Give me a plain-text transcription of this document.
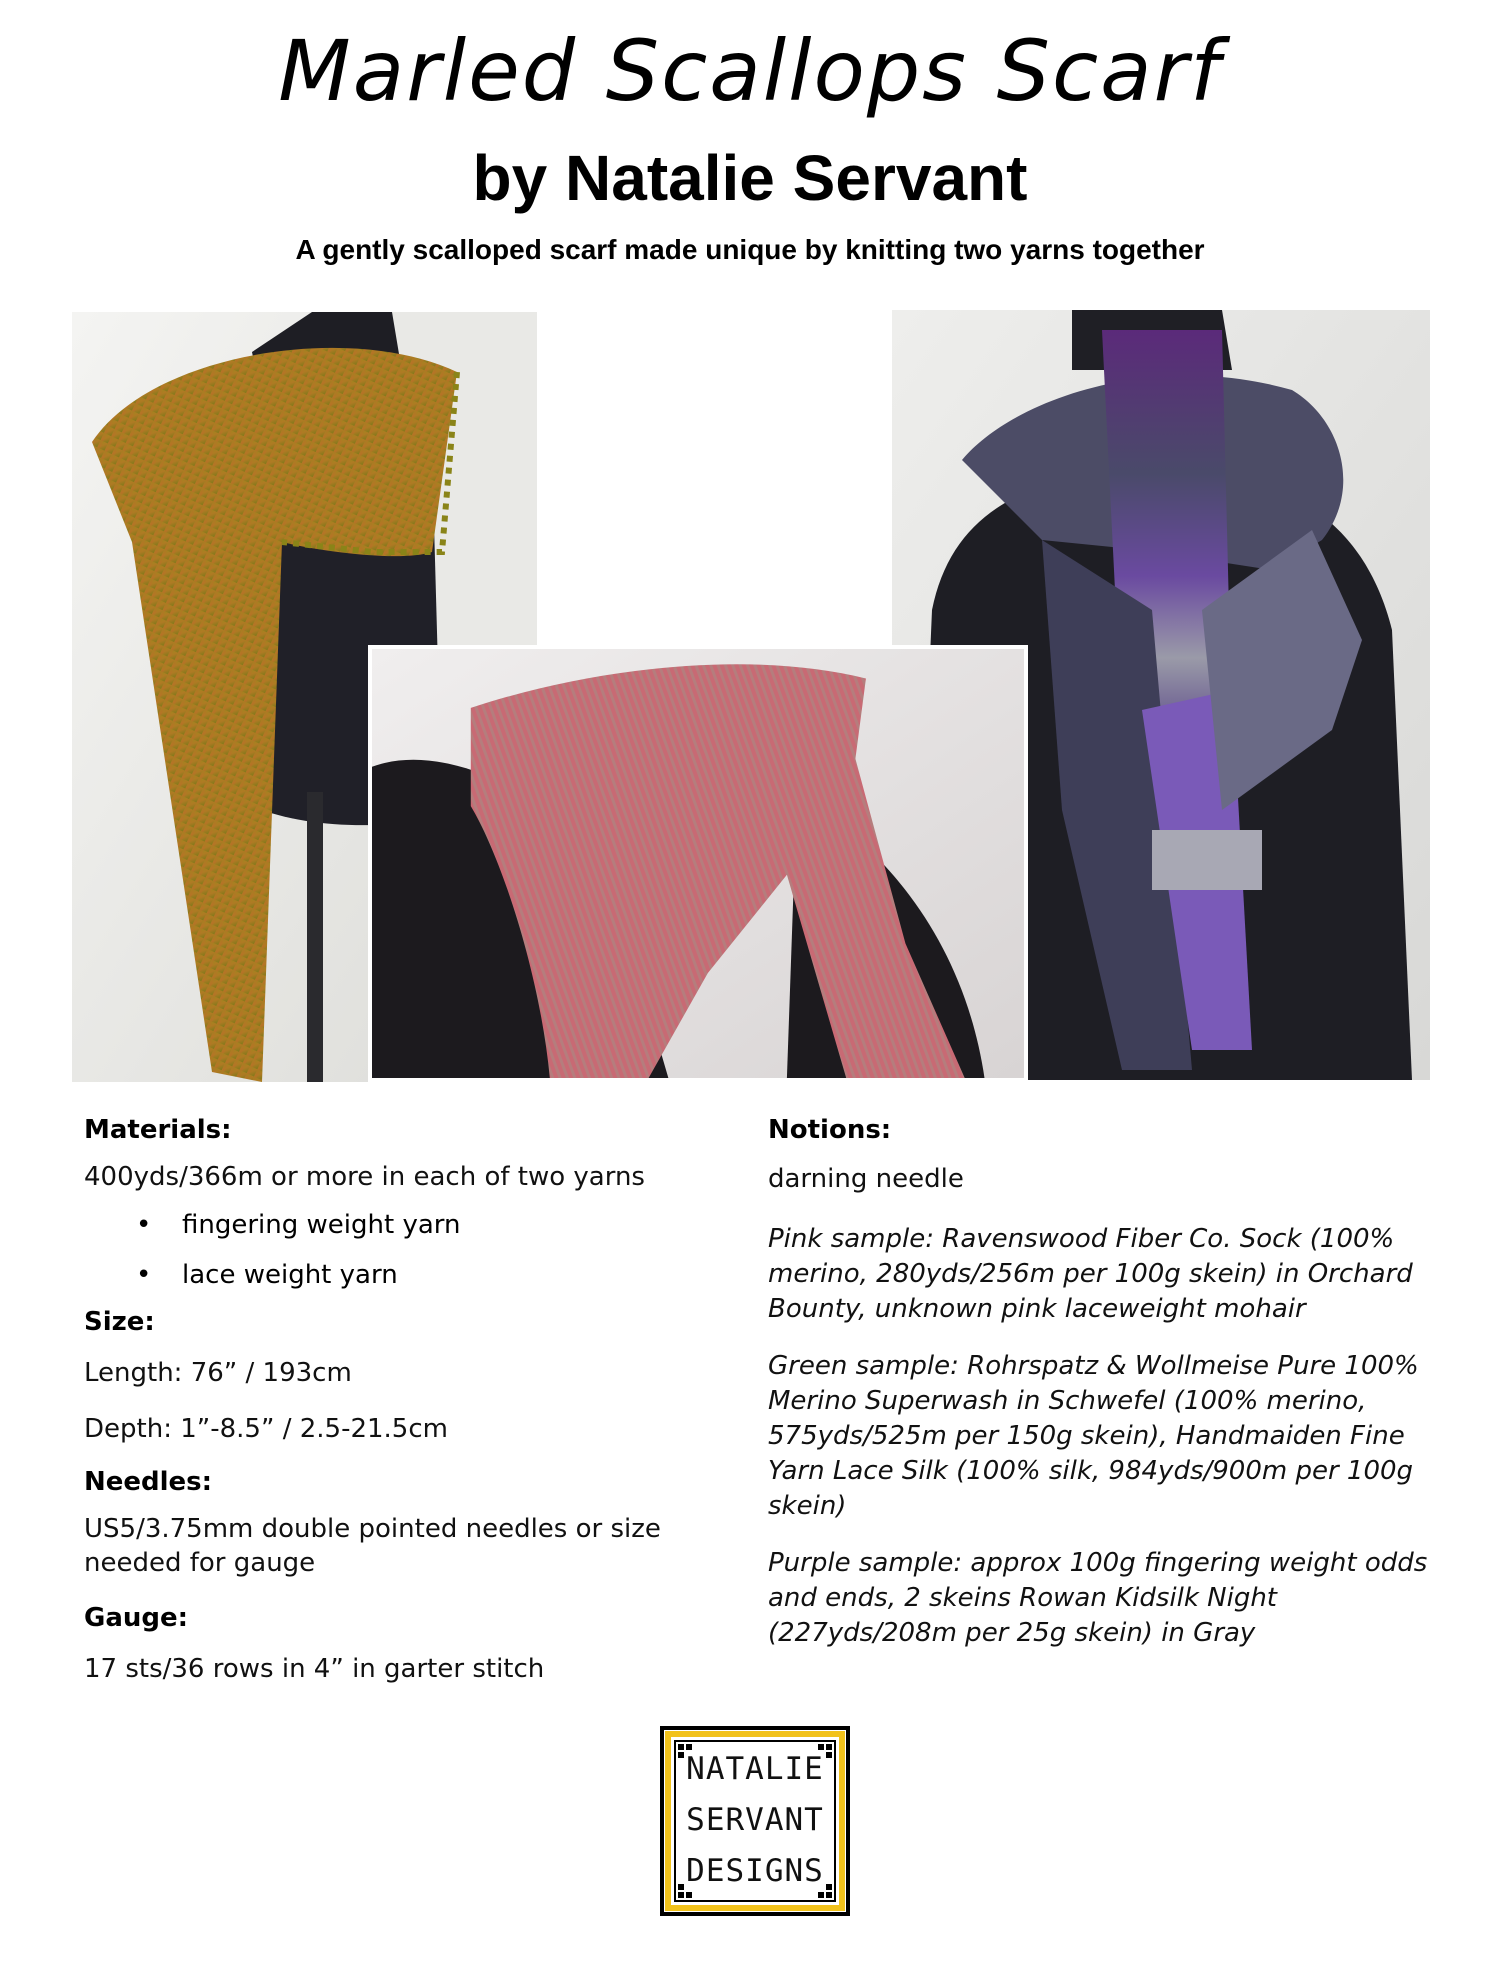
Marled Scallops Scarf
by Natalie Servant
A gently scalloped scarf made unique by knitting two yarns together
Materials:
400yds/366m or more in each of two yarns
• fingering weight yarn
• lace weight yarn
Size:
Length: 76” / 193cm
Depth: 1”-8.5” / 2.5-21.5cm
Needles:
US5/3.75mm double pointed needles or size needed for gauge
Gauge:
17 sts/36 rows in 4” in garter stitch
Notions:
darning needle
Pink sample: Ravenswood Fiber Co. Sock (100% merino, 280yds/256m per 100g skein) in Orchard Bounty, unknown pink laceweight mohair
Green sample: Rohrspatz & Wollmeise Pure 100% Merino Superwash in Schwefel (100% merino, 575yds/525m per 150g skein), Handmaiden Fine Yarn Lace Silk (100% silk, 984yds/900m per 100g skein)
Purple sample: approx 100g fingering weight odds and ends, 2 skeins Rowan Kidsilk Night (227yds/208m per 25g skein) in Gray
NATALIE
SERVANT
DESIGNS
